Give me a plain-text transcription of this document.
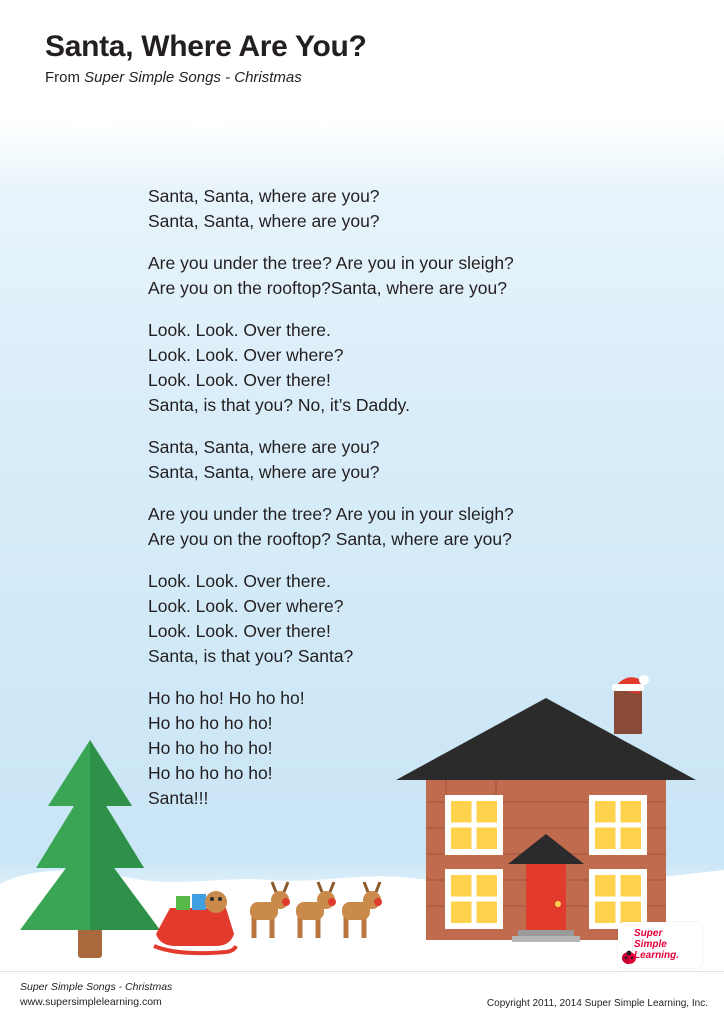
Santa, Where Are You?

From Super Simple Songs - Christmas

Santa, Santa, where are you?
Santa, Santa, where are you?
Are you under the tree? Are you in your sleigh?
Are you on the rooftop?Santa, where are you?
Look. Look. Over there.
Look. Look. Over where?
Look. Look. Over there!
Santa, is that you? No, it’s Daddy.
Santa, Santa, where are you?
Santa, Santa, where are you?
Are you under the tree? Are you in your sleigh?
Are you on the rooftop? Santa, where are you?
Look. Look. Over there.
Look. Look. Over where?
Look. Look. Over there!
Santa, is that you? Santa?
Ho ho ho! Ho ho ho!
Ho ho ho ho ho!
Ho ho ho ho ho!
Ho ho ho ho ho!
Santa!!!
Super
Simple
Learning.
Super Simple Songs - Christmas
www.supersimplelearning.com	Copyright 2011, 2014 Super Simple Learning, Inc.
